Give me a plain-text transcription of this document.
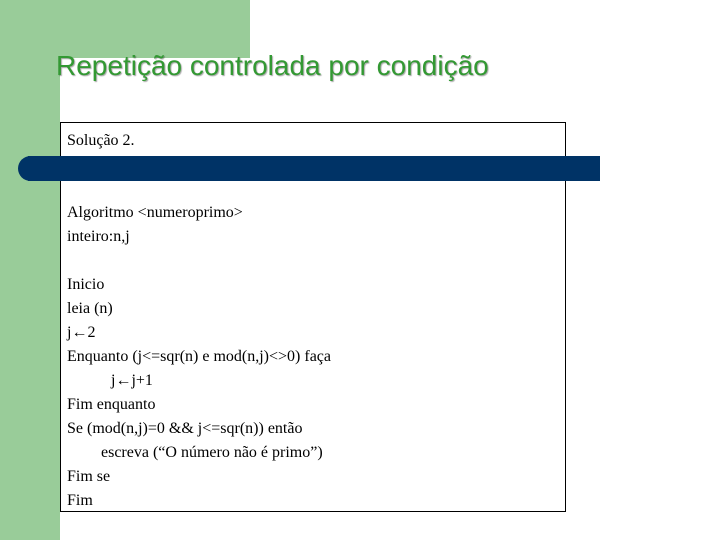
Repetição controlada por condição
Solução 2.
Algoritmo <numeroprimo>
inteiro:n,j
Inicio
leia (n)
j←2
Enquanto (j<=sqr(n) e mod(n,j)<>0) faça
j←j+1
Fim enquanto
Se (mod(n,j)=0 && j<=sqr(n)) então
escreva (“O número não é primo”)
Fim se
Fim
